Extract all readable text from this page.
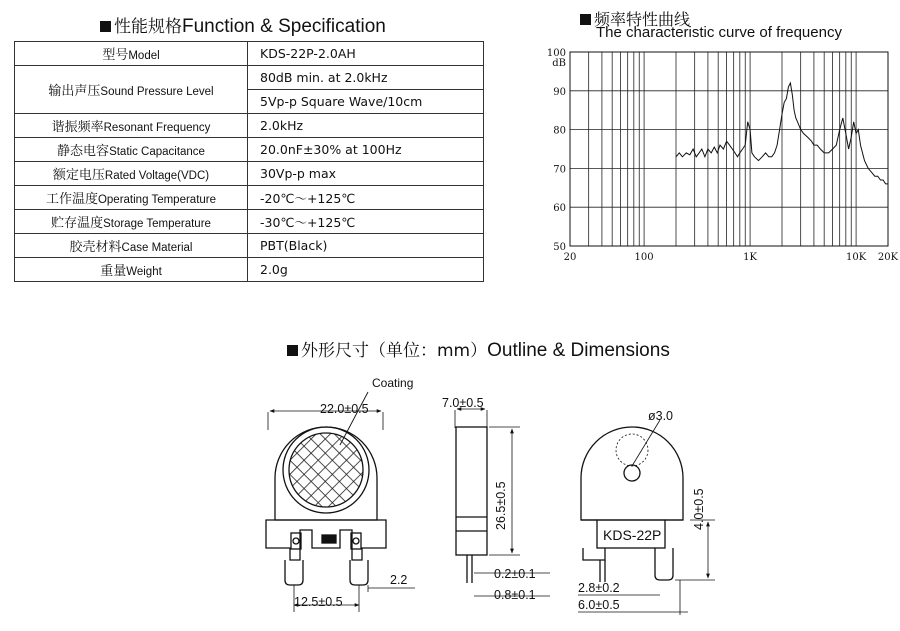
性能规格Function & Specification
型号Model	KDS-22P-2.0AH
输出声压Sound Pressure Level	80dB min. at 2.0kHz
	5Vp-p Square Wave/10cm
谐振频率Resonant Frequency	2.0kHz
静态电容Static Capacitance	20.0nF±30% at 100Hz
额定电压Rated Voltage(VDC)	30Vp-p max
工作温度Operating Temperature	-20℃～+125℃
贮存温度Storage Temperature	-30℃～+125℃
胶壳材料Case Material	PBT(Black)
重量Weight	2.0g
频率特性曲线
The characteristic curve of frequency
50
60
70
80
90
100
dB
20	100	1K	10K 20K
外形尺寸（单位：mm）Outline & Dimensions
22.0±0.5
Coating
12.5±0.5
2.2
7.0±0.5
26.5±0.5
0.2±0.1
0.8±0.1
ø3.0
KDS-22P
4.0±0.5
2.8±0.2
6.0±0.5
